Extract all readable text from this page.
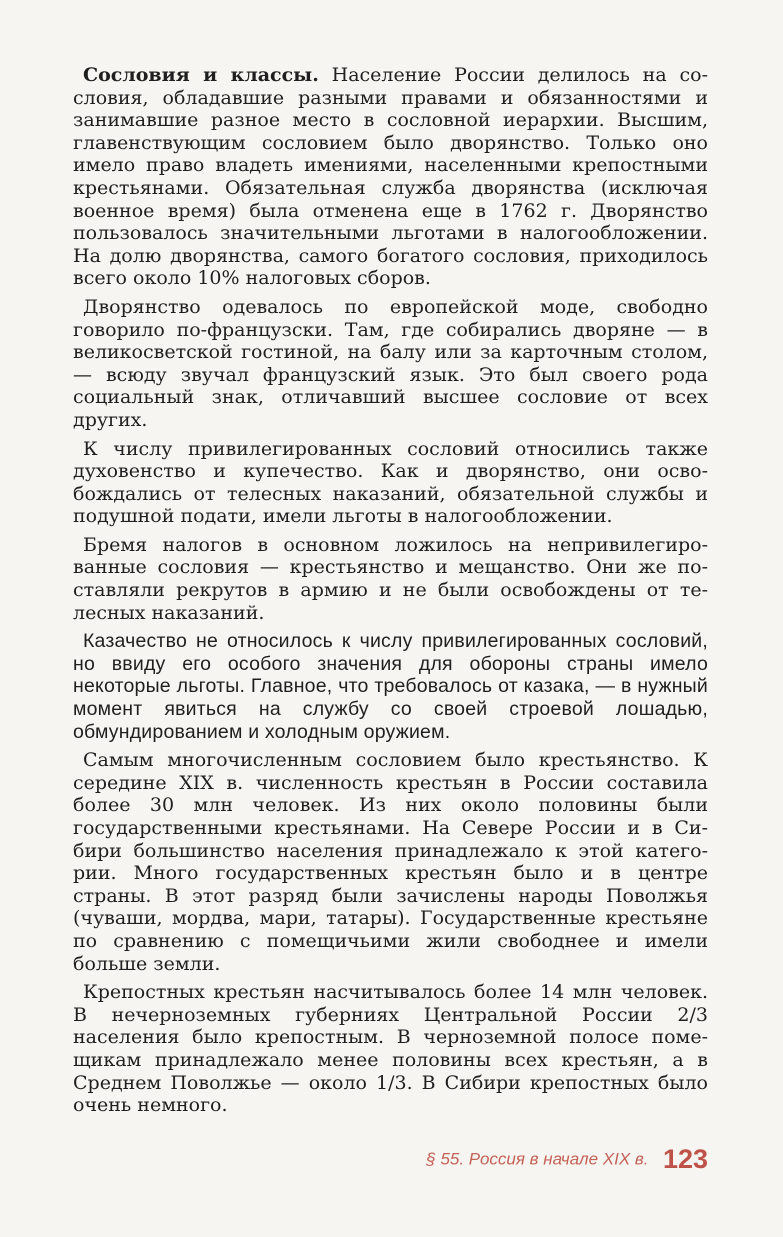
Сословия и классы. Население России делилось на сословия, обладавшие разными правами и обязанностями и занимавшие разное место в сословной иерархии. Высшим, главенствующим сословием было дворянство. Только оно имело право владеть имениями, населенными крепостными крестьянами. Обязательная служба дворянства (исключая военное время) была отменена еще в 1762 г. Дворянство пользовалось значительными льготами в налогообложении. На долю дворянства, самого богатого сословия, приходилось всего около 10% налоговых сборов.

Дворянство одевалось по европейской моде, свободно говорило по-французски. Там, где собирались дворяне — в великосветской гостиной, на балу или за карточным столом, — всюду звучал французский язык. Это был своего рода социальный знак, отличавший высшее сословие от всех других.

К числу привилегированных сословий относились также духовенство и купечество. Как и дворянство, они освобождались от телесных наказаний, обязательной службы и подушной подати, имели льготы в налогообложении.

Бремя налогов в основном ложилось на непривилегированные сословия — крестьянство и мещанство. Они же поставляли рекрутов в армию и не были освобождены от телесных наказаний.

Казачество не относилось к числу привилегированных сословий, но ввиду его особого значения для обороны страны имело некоторые льготы. Главное, что требовалось от казака, — в нужный момент явиться на службу со своей строевой лошадью, обмундированием и холодным оружием.

Самым многочисленным сословием было крестьянство. К середине XIX в. численность крестьян в России составила более 30 млн человек. Из них около половины были государственными крестьянами. На Севере России и в Сибири большинство населения принадлежало к этой категории. Много государственных крестьян было и в центре страны. В этот разряд были зачислены народы Поволжья (чуваши, мордва, мари, татары). Государственные крестьяне по сравнению с помещичьими жили свободнее и имели больше земли.

Крепостных крестьян насчитывалось более 14 млн человек. В нечерноземных губерниях Центральной России 2/3 населения было крепостным. В черноземной полосе помещикам принадлежало менее половины всех крестьян, а в Среднем Поволжье — около 1/3. В Сибири крепостных было очень немного.

§ 55. Россия в начале XIX в. 123
